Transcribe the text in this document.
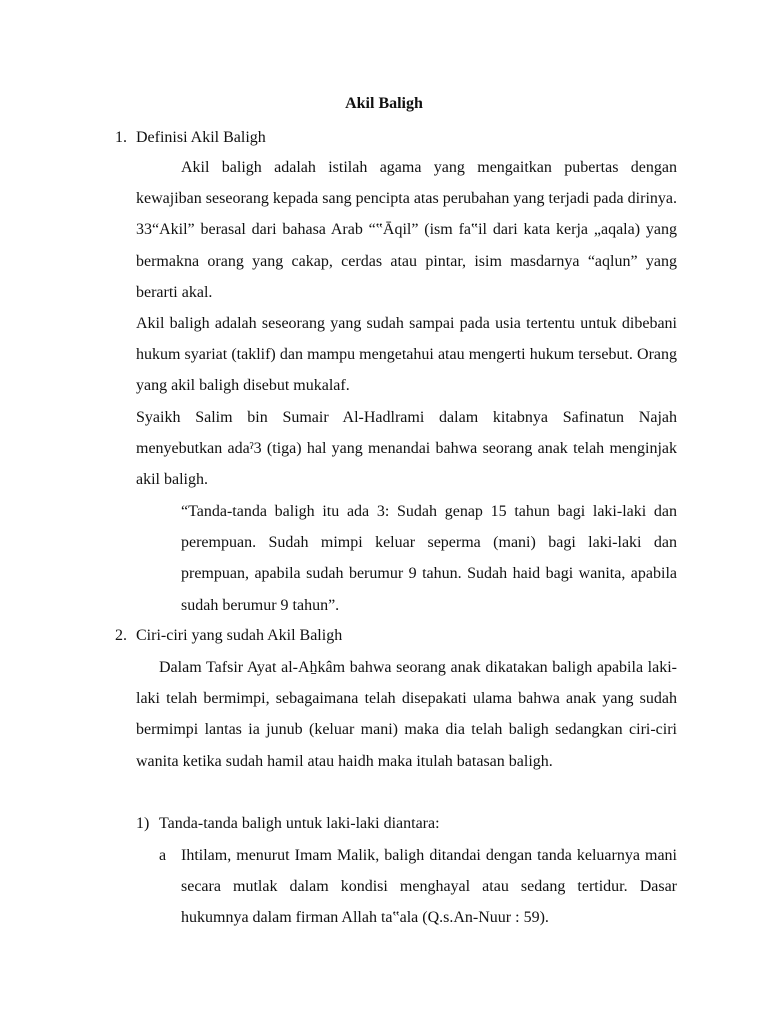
Akil Baligh
1. Definisi Akil Baligh
Akil baligh adalah istilah agama yang mengaitkan pubertas dengan kewajiban seseorang kepada sang pencipta atas perubahan yang terjadi pada dirinya. 33“Akil” berasal dari bahasa Arab “‟Āqil” (ism fa‟il dari kata kerja „aqala) yang bermakna orang yang cakap, cerdas atau pintar, isim masdarnya “aqlun” yang berarti akal.
Akil baligh adalah seseorang yang sudah sampai pada usia tertentu untuk dibebani hukum syariat (taklif) dan mampu mengetahui atau mengerti hukum tersebut. Orang yang akil baligh disebut mukalaf.
Syaikh Salim bin Sumair Al-Hadlrami dalam kitabnya Safinatun Najah menyebutkan adaˀ3 (tiga) hal yang menandai bahwa seorang anak telah menginjak akil baligh.
“Tanda-tanda baligh itu ada 3: Sudah genap 15 tahun bagi laki-laki dan perempuan. Sudah mimpi keluar seperma (mani) bagi laki-laki dan prempuan, apabila sudah berumur 9 tahun. Sudah haid bagi wanita, apabila sudah berumur 9 tahun”.
2. Ciri-ciri yang sudah Akil Baligh
Dalam Tafsir Ayat al-Aẖkâm bahwa seorang anak dikatakan baligh apabila laki-laki telah bermimpi, sebagaimana telah disepakati ulama bahwa anak yang sudah bermimpi lantas ia junub (keluar mani) maka dia telah baligh sedangkan ciri-ciri wanita ketika sudah hamil atau haidh maka itulah batasan baligh.
1) Tanda-tanda baligh untuk laki-laki diantara:
a Ihtilam, menurut Imam Malik, baligh ditandai dengan tanda keluarnya mani secara mutlak dalam kondisi menghayal atau sedang tertidur. Dasar hukumnya dalam firman Allah ta‟ala (Q.s.An-Nuur : 59).
